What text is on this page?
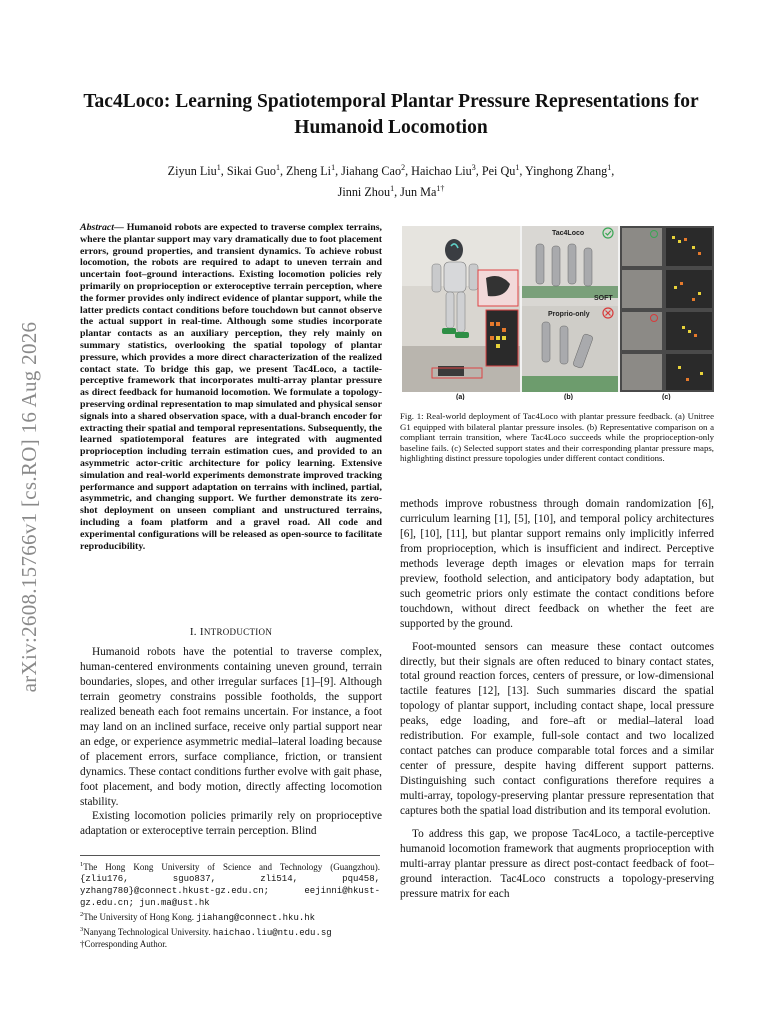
arXiv:2608.15766v1 [cs.RO] 16 Aug 2026
Tac4Loco: Learning Spatiotemporal Plantar Pressure Representations for Humanoid Locomotion
Ziyun Liu$^1$, Sikai Guo$^1$, Zheng Li$^1$, Jiahang Cao$^2$, Haichao Liu$^3$, Pei Qu$^1$, Yinghong Zhang$^1$,
Jinni Zhou$^1$, Jun $Ma^{1\dagger}$
Abstract— Humanoid robots are expected to traverse complex terrains, where the plantar support may vary dramatically due to foot placement errors, ground properties, and transient dynamics. To achieve robust locomotion, the robots are required to adapt to uneven terrain and uncertain foot–ground interactions. Existing locomotion policies rely primarily on proprioception or exteroceptive terrain perception, where the former provides only indirect evidence of plantar support, while the latter predicts contact conditions before touchdown but cannot observe the actual support in real-time. Although some studies incorporate plantar contacts as an auxiliary perception, they rely mainly on summary statistics, overlooking the spatial topology of plantar pressure, which provides a more direct characterization of the realized contact state. To bridge this gap, we present Tac4Loco, a tactile-perceptive framework that incorporates multi-array plantar pressure as direct feedback for humanoid locomotion. We formulate a topology-preserving ordinal representation to map simulated and physical sensor signals into a shared observation space, with a dual-branch encoder for extracting their spatial and temporal representations. Subsequently, the learned spatiotemporal features are integrated with augmented proprioception including terrain estimation cues, and provided to an asymmetric actor-critic architecture for policy learning. Extensive simulation and real-world experiments demonstrate improved tracking performance and support adaptation on terrains with inclined, partial, asymmetric, and changing support. We further demonstrate its zero-shot deployment on unseen compliant and unstructured terrains, including a foam platform and a gravel road. All code and experimental configurations will be released as open-source to facilitate reproducibility.
I. INTRODUCTION

Humanoid robots have the potential to traverse complex, human-centered environments containing uneven ground, terrain boundaries, slopes, and other irregular surfaces [1]–[9]. Although terrain geometry constrains possible footholds, the support realized beneath each foot remains uncertain. For instance, a foot may land on an inclined surface, receive only partial support near an edge, or experience asymmetric medial–lateral loading because of placement errors, surface compliance, friction, or transient dynamics. These contact conditions further evolve with gait phase, foot placement, and body motion, directly affecting locomotion stability.

Existing locomotion policies primarily rely on proprioceptive adaptation or exteroceptive terrain perception. Blind

$^1$The Hong Kong University of Science and Technology (Guangzhou). {zliu176, sguo837, zli514, pqu458, yzhang780}@connect.hkust-gz.edu.cn; eejinni@hkust-gz.edu.cn; jun.ma@ust.hk

$^2$The University of Hong Kong. jiahang@connect.hku.hk

$^3$Nanyang Technological University. haichao.liu@ntu.edu.sg

†Corresponding Author.

Tac4Loco
SOFT
Proprio-only
(a)	(b)	(c)
Fig. 1: Real-world deployment of Tac4Loco with plantar pressure feedback. (a) Unitree G1 equipped with bilateral plantar pressure insoles. (b) Representative comparison on a compliant terrain transition, where Tac4Loco succeeds while the proprioception-only baseline fails. (c) Selected support states and their corresponding plantar pressure maps, highlighting distinct pressure topologies under different contact conditions.

methods improve robustness through domain randomization [6], curriculum learning [1], [5], [10], and temporal policy architectures [6], [10], [11], but plantar support remains only implicitly inferred from proprioception, which is insufficient and indirect. Perceptive methods leverage depth images or elevation maps for terrain preview, foothold selection, and anticipatory body adaptation, but such geometric priors only estimate the contact conditions before touchdown, without direct feedback on whether the feet are supported by the ground.

Foot-mounted sensors can measure these contact outcomes directly, but their signals are often reduced to binary contact states, total ground reaction forces, centers of pressure, or low-dimensional tactile features [12], [13]. Such summaries discard the spatial topology of plantar support, including contact shape, local pressure peaks, edge loading, and fore–aft or medial–lateral load redistribution. For example, full-sole contact and two localized contact patches can produce comparable total forces and a similar center of pressure, despite having different support patterns. Distinguishing such contact configurations therefore requires a multi-array, topology-preserving plantar pressure representation that captures both the spatial load distribution and its temporal evolution.

To address this gap, we propose Tac4Loco, a tactile-perceptive humanoid locomotion framework that augments proprioception with multi-array plantar pressure as direct post-contact feedback of foot–ground interaction. Tac4Loco constructs a topology-preserving pressure matrix for each
